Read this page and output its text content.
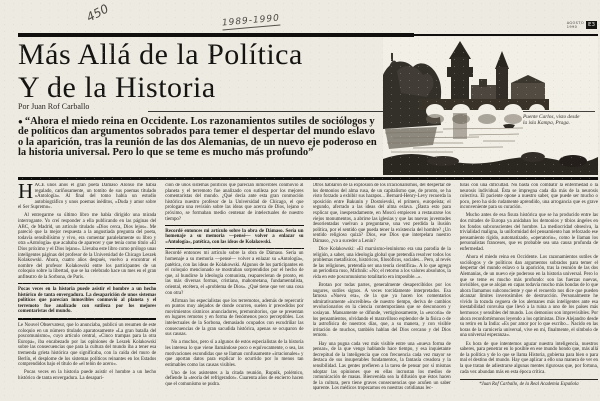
450	1989-1990	AGOSTO
1990	E3
Más Allá de la Política
Y de la Historia
Por Juan Rof Carballo
● “Ahora el miedo reina en Occidente. Los razonamientos sutiles de sociólogos y de políticos dan argumentos sobrados para temer el despertar del mundo eslavo o la aparición, tras la reunión de las dos Alemanias, de un nuevo eje poderoso en la historia universal. Pero lo que se teme es mucho más profundo”
Puente Carlos, visto desde
la isla Kampa, Praga.

HACE unos años el gran poeta Dámaso Alonso me había regalado, cariñosamente, un tomito de sus poemas titulado «Antología». Al final del tomo había un estudio autobiográfico y unos poemas inéditos, «Duda y amor sobre el Ser Supremo».

Al entregarme su último libro me había dirigido una mirada interrogante. Yo creí responder a ella publicando en las páginas del ABC, de Madrid, un artículo titulado «Dios cerca, Dios lejos». Me pareció que la mejor respuesta a la angustiada pregunta del poeta, todavía sensibilísimo y vivo, era comentar paralelamente su libro y otra «Antología» que acababa de aparecer y que tenía como título «El Dios próximo y el Dios lejano». Llevaba este libro como prólogo unas inteligentes páginas del profesor de la Universidad de Chicago Leszek Kolakowski. Ahora, cuatro años después, vuelvo a encontrar el nombre del profesor Kolakowski entre los participantes de un coloquio sobre la libertad, que se ha celebrado hace un mes en el gran anfiteatro de la Sorbona, de París.

Pocas veces en la historia puede asistir el hombre a un hecho histórico de tanta envergadura. La desaparición de unos sistemas políticos que parecían inmovibles conmovió al planeta y el terremoto fue analizado con sutileza por los mejores comentaristas del mundo.

Le Nouvel Observateur, que lo anunciaba, publicó un resumen de este coloquio en un número titulado aparatosamente «La gran batalla del poscomunismo», cuyo artículo central, «Cinco trampas para la otra Europa», iba encabezado por las opiniones de Leszek Kolakowski sobre las consecuencias que para la cultura del mundo iba a tener esa tremenda grieta histórica que significaba, con la caída del muro de Berlín, el desplome de los sistemas políticos reinantes en los Estados comprendidos bajo el título de «el telón de acero».

Pocas veces en la historia puede asistir el hombre a un hecho histórico de tanta envergadura. La desapari-

ción de unos sistemas políticos que parecían inmovibles conmovió al planeta y el terremoto fue analizado con sutileza por los mejores comentaristas del mundo. ¿Qué decía ante esta gran conmoción histórica nuestro profesor de la Universidad de Chicago, el que prologara una revisión sobre las ideas que acerca de Dios, lejano o próximo, se formaban medio centenar de intelectuales de nuestro tiempo?

Recordé entonces mi artículo sobre la obra de Dámaso. Sería un homenaje a su memoria —pensé— volver a enlazar su «Antología», patética, con las ideas de Kolakowski.

Recordé entonces mi artículo sobre la obra de Dámaso. Sería un homenaje a su memoria —pensé— volver a enlazar su «Antología», patética, con las ideas de Kolakowski. Algunos de los participantes en el coloquio mencionado se mostraban sorprendidos por el hecho de que, al hundirse la ideología comunista, reaparecieran de pronto, en las más diversas formas, cristiana, mahometana, fundamentalista, oriental, etcétera, el «problema de Dios». ¿Qué tiene que ver una cosa con otra?

Afirman los especialistas que los terremotos, además de repercutir en puntos muy alejados de donde ocurren, suelen ir precedidos por movimientos sísmicos anunciadores, premonitorios, que se presentan en lugares remotos y en forma de fenómenos poco perceptibles. Los intelectuales de la Sorbona, demasiado ocupados con escudriñar las consecuencias de la gran sacudida histórica, apenas se ocuparon de sus causas.

No a muchos, pero sí a algunos de estos especialistas de la historia les interesa lo que viene llamándose poco o equívocamente, o sea, las motivaciones escondidas que se llaman confusamente «irracionales» y que aportan datos para explicar lo ocurrido por lo menos tan estimables como las causas visibles.

Uno de los asistentes a la citada reunión, Rupnik, polémico, defiende la «teoría del refrigerador». Cuarenta años de encierro hacen que el comunismo se pudra.

Otros hablaron de la explosión de los irracionalismos, del despertar de los demonios del alma rusa, de un capitalismo que, de pronto, se ha visto forzado a exhibir sus harapos... Bernard-Henry-Levy recuerda la oposición entre Bakunin y Dostoievski, el primero, europeísta; el segundo, aferrado a las ideas del alma eslava. ¿Basta esto para explicar que, inesperadamente, en Moscú empiecen a restaurarse los viejos monumentos, a abrirse las iglesias y que las nuevas juventudes desorientadas vuelvan a preguntarse, una vez perdida la ilusión política, por el sentido que pueda tener la existencia del hombre? ¿Un sentido religioso quizá? Dios, ese Dios que interpelara nuestro Dámaso, ¿va a suceder a Lenin?

Dice Kolakowski: «El marxismo-leninismo era una parodia de la religión, a saber, una ideología global que pretendía resolver todos los problemas metafísicos, históricos, filosóficos, sociales... Pero, al revés de las religiones, pretendía ser una teoría científica». A lo que agrega un periodista ruso, Michnik: «No; el retorno a los valores absolutos, la vida en este poscomunismo totalitario era imposible...».

Brotan por todas partes, generalmente desapercibidos por los augures, sutiles signos. A veces torcidamente interpretados. Esa famosa «Nueva era», de la que ya hacen los comentarios admirativamente «increíbles» de nuestro tiempo, deriva de cambios revolucionarios en la ciencia contemporánea que se desconocen y soslayan. Mansamente se difunde, vertiginosamente, la «escoria» de los pensamientos, olvidando el maravilloso esplendor de la física o de la astrofísica de nuestros días, que, a su manera, y con visible irritación de muchos, también hablan del Dios cercano y del Dios remoto.

Hay una pugna cada vez más visible entre una «nueva forma de pensar», de la que vengo hablando hace tiempo, y esa inquietante decrepitud de la inteligencia que con frecuencia cada vez mayor se destaca de sus insuperables fundamentos, la fantasía creadora y la sensibilidad. Las gentes prefieren a la tarea de pensar por sí mismas adoptar las opiniones que en ellas incrustan los medios de comunicación de masas. Bienvenida sea la difusión que éstos hacen de la cultura, pero tiene graves consecuencias que acuñen un saber aparente. Los médicos tropezamos en nuestras cotidianas lec-

turas con una dificultad. No basta con combatir la enfermedad o la neurosis individual. Ésta se impregna cada día más de la neurosis colectiva. El paciente opone a nuestro saber, que puede ser mucho o poco, pero ha sido rudamente aprendido, una arrogancia que es grave inconveniente para su curación.

Mucho antes de esa fisura histórica que se ha producido entre las dos mitades de Europa ya anidaban los demonios y tibios ángeles en los fondos subconscientes del hombre. La mediocridad obsesiva, la trivialidad maligna, la uniformidad del pensamiento han reforzado ese pensamiento rígido, automatizado, «operatorio», como le llaman los personalistas franceses, que es probable sea una causa profunda de enfermedad.

Ahora el miedo reina en Occidente. Los razonamientos sutiles de sociólogos y de políticos dan argumentos sobrados para temer el despertar del mundo eslavo o la aparición, tras la reunión de las dos Alemanias, de un nuevo eje poderoso en la historia universal. Pero lo que se teme es mucho más profundo: son las fuerzas nuevas, invisibles, que se alojan en capas todavía mucho más hondas de lo que ahora llamamos subconsciente y que el recuerdo nos dice que pueden alcanzar límites inverosímiles de destrucción. Personalmente he vivido la tozuda ceguera de los alemanes más inteligentes ante esa inestabilidad convulsa que llevó a la ruina a uno de los países más hermosos y sensibles del mundo. Los demonios son imprevisibles. Por ahora reconfortémonos leyendo a los optimistas. Dice Alejandro desde su retiro en la India: «Es por amor por lo que escribo... Nacido en las horas de la carnicería universal, vive en mí, finalmente, el símbolo de una universal esperanza».

Es hora de que intentemos aguzar nuestra inteligencia, nuestros saberes, para penetrar en lo posible en ese mundo hondo que, más allá de la política y de lo que se llama Historia, gobierna para bien o para mal el destino del mundo. Hay que aplicar a ello una manera de ver en la que tratan de adiestrarse algunas mentes rigurosas que, por fortuna, cada vez abundan más en esta época crítica.

*Juan Rof Carballo, de la Real Academia Española
